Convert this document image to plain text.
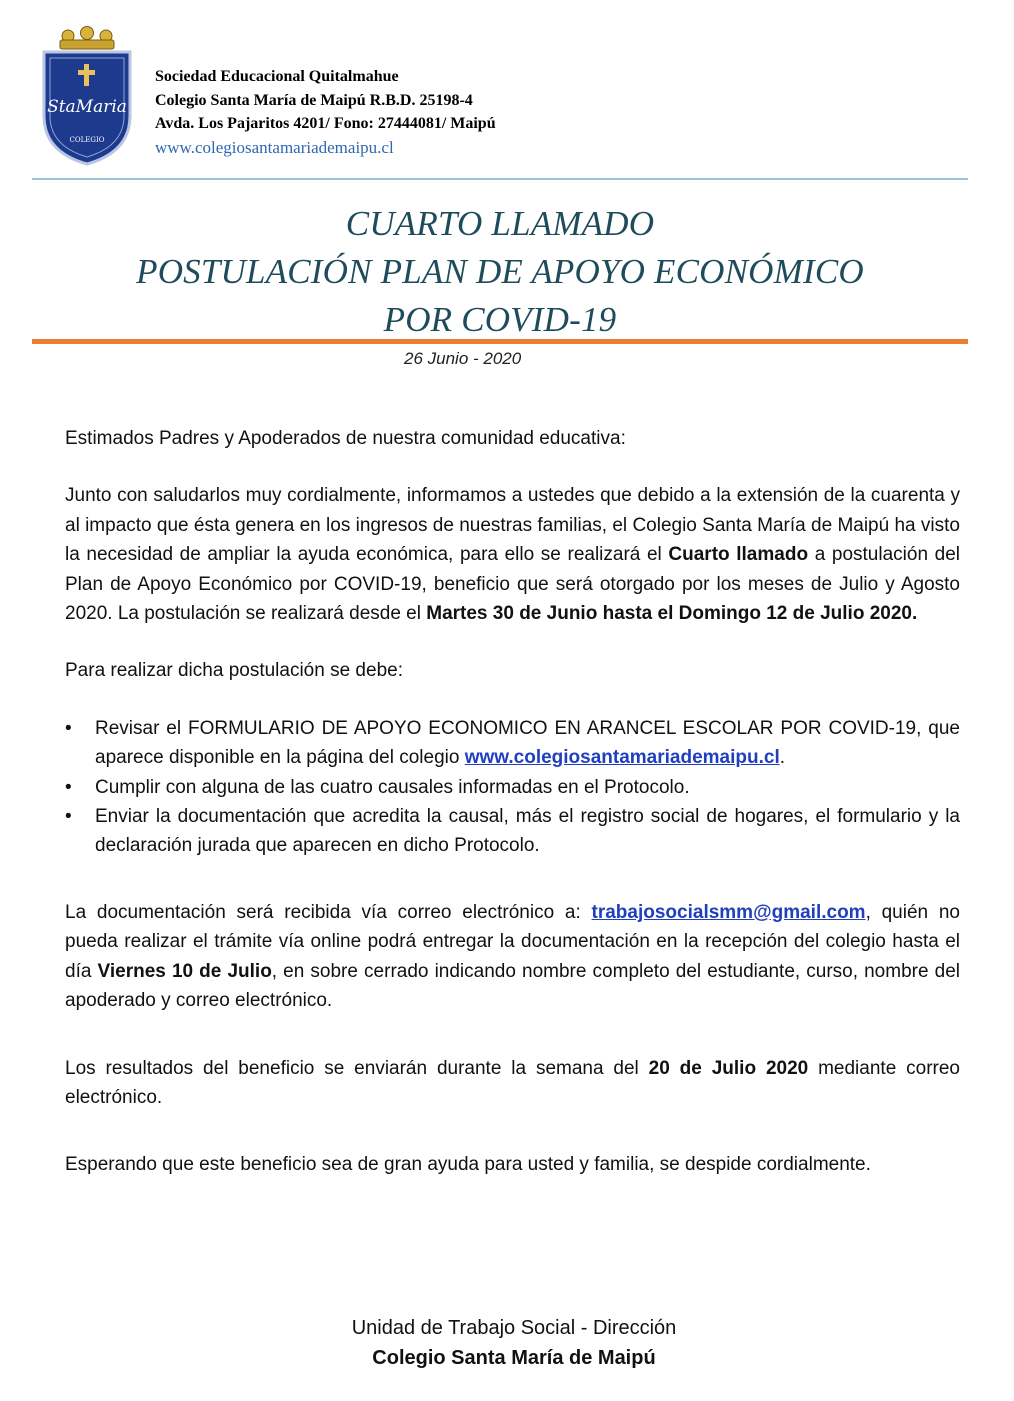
StaMaria
COLEGIO
Sociedad Educacional Quitalmahue
Colegio Santa María de Maipú R.B.D. 25198-4
Avda. Los Pajaritos 4201/ Fono: 27444081/ Maipú
www.colegiosantamariademaipu.cl
CUARTO LLAMADO
POSTULACIÓN PLAN DE APOYO ECONÓMICO
POR COVID-19
26 Junio - 2020

Estimados Padres y Apoderados de nuestra comunidad educativa:

Junto con saludarlos muy cordialmente, informamos a ustedes que debido a la extensión de la cuarenta y al impacto que ésta genera en los ingresos de nuestras familias, el Colegio Santa María de Maipú ha visto la necesidad de ampliar la ayuda económica, para ello se realizará el Cuarto llamado a postulación del Plan de Apoyo Económico por COVID-19, beneficio que será otorgado por los meses de Julio y Agosto 2020. La postulación se realizará desde el Martes 30 de Junio hasta el Domingo 12 de Julio 2020.

Para realizar dicha postulación se debe:

• Revisar el FORMULARIO DE APOYO ECONOMICO EN ARANCEL ESCOLAR POR COVID-19, que aparece disponible en la página del colegio www.colegiosantamariademaipu.cl.
• Cumplir con alguna de las cuatro causales informadas en el Protocolo.
• Enviar la documentación que acredita la causal, más el registro social de hogares, el formulario y la declaración jurada que aparecen en dicho Protocolo.

La documentación será recibida vía correo electrónico a: trabajosocialsmm@gmail.com, quién no pueda realizar el trámite vía online podrá entregar la documentación en la recepción del colegio hasta el día Viernes 10 de Julio, en sobre cerrado indicando nombre completo del estudiante, curso, nombre del apoderado y correo electrónico.

Los resultados del beneficio se enviarán durante la semana del 20 de Julio 2020 mediante correo electrónico.

Esperando que este beneficio sea de gran ayuda para usted y familia, se despide cordialmente.

Unidad de Trabajo Social - Dirección
Colegio Santa María de Maipú
